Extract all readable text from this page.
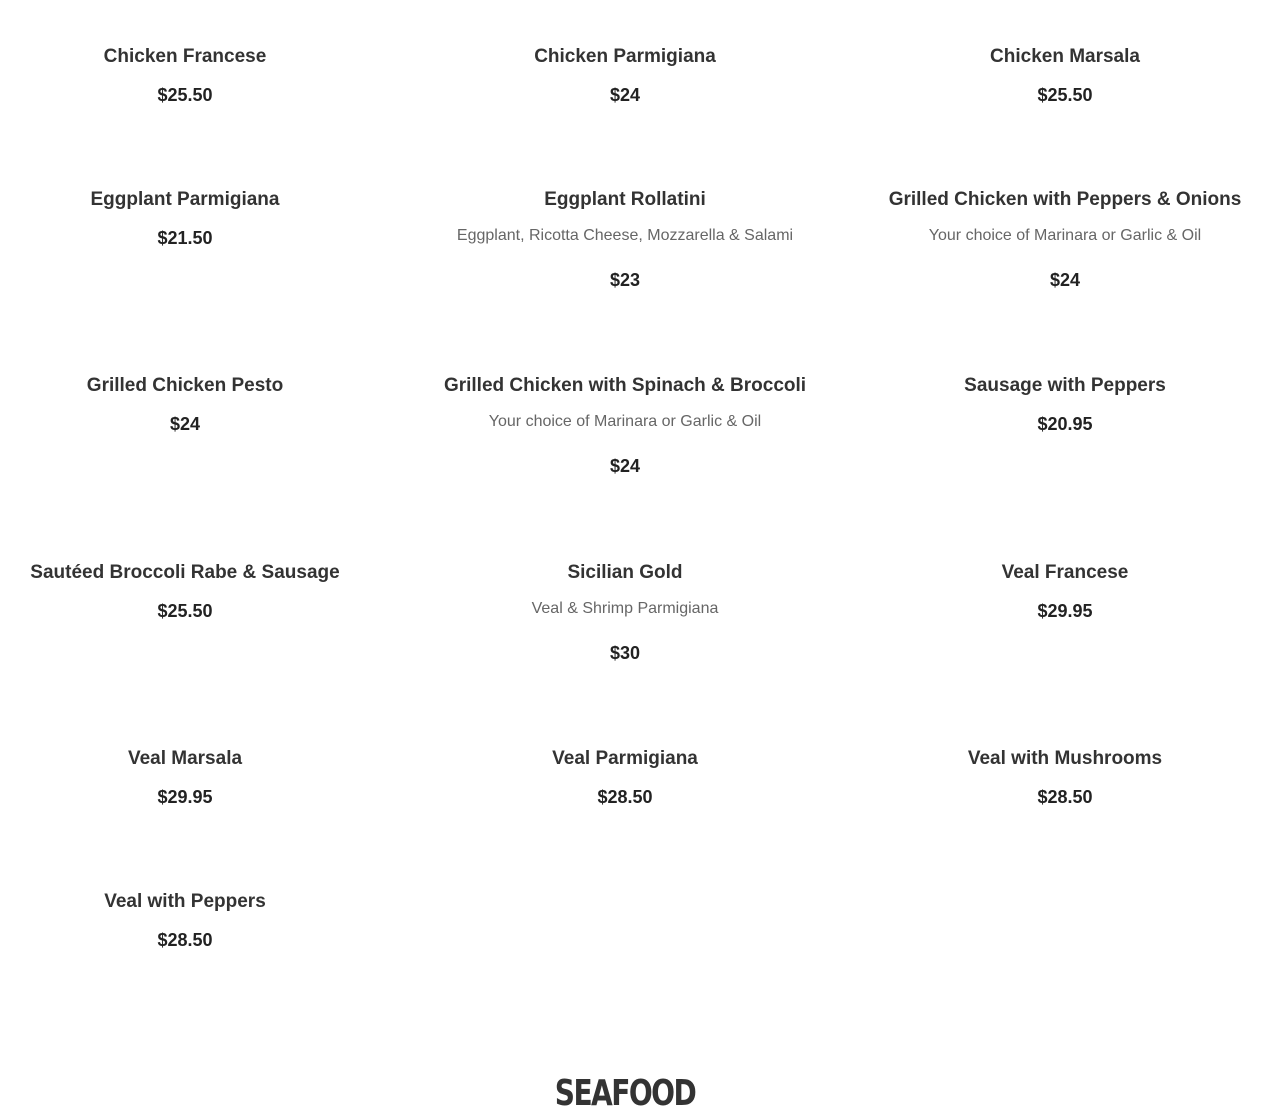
Chicken Francese
$25.50
Chicken Parmigiana
$24
Chicken Marsala
$25.50
Eggplant Parmigiana
$21.50
Eggplant Rollatini
Eggplant, Ricotta Cheese, Mozzarella & Salami
$23
Grilled Chicken with Peppers & Onions
Your choice of Marinara or Garlic & Oil
$24
Grilled Chicken Pesto
$24
Grilled Chicken with Spinach & Broccoli
Your choice of Marinara or Garlic & Oil
$24
Sausage with Peppers
$20.95
Sautéed Broccoli Rabe & Sausage
$25.50
Sicilian Gold
Veal & Shrimp Parmigiana
$30
Veal Francese
$29.95
Veal Marsala
$29.95
Veal Parmigiana
$28.50
Veal with Mushrooms
$28.50
Veal with Peppers
$28.50
SEAFOOD
